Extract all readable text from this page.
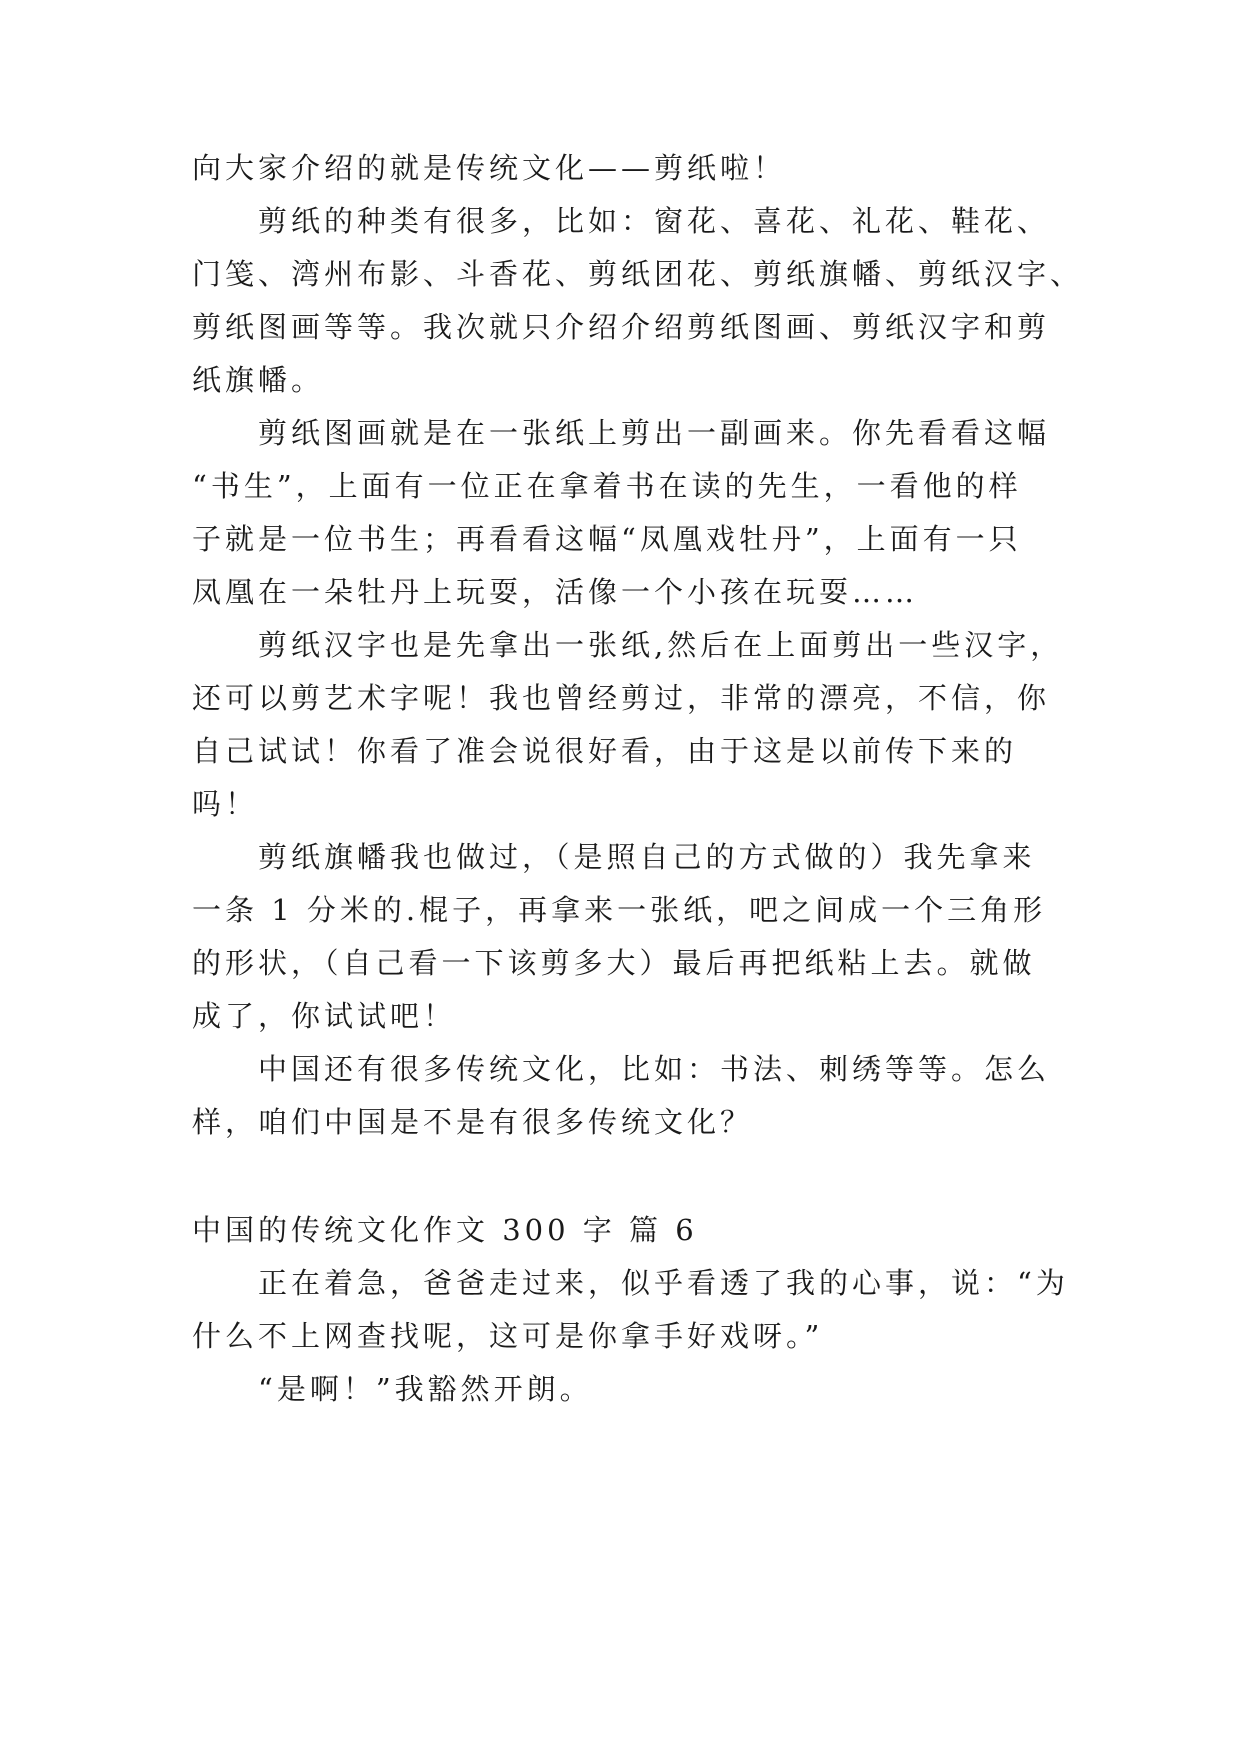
向大家介绍的就是传统文化——剪纸啦！
剪纸的种类有很多，比如：窗花、喜花、礼花、鞋花、
门笺、湾州布影、斗香花、剪纸团花、剪纸旗幡、剪纸汉字、
剪纸图画等等。我次就只介绍介绍剪纸图画、剪纸汉字和剪
纸旗幡。
剪纸图画就是在一张纸上剪出一副画来。你先看看这幅
“书生”，上面有一位正在拿着书在读的先生，一看他的样
子就是一位书生；再看看这幅“凤凰戏牡丹”，上面有一只
凤凰在一朵牡丹上玩耍，活像一个小孩在玩耍……
剪纸汉字也是先拿出一张纸,然后在上面剪出一些汉字，
还可以剪艺术字呢！我也曾经剪过，非常的漂亮，不信，你
自己试试！你看了准会说很好看，由于这是以前传下来的
吗！
剪纸旗幡我也做过，（是照自己的方式做的）我先拿来
一条 1 分米的.棍子，再拿来一张纸，吧之间成一个三角形
的形状，（自己看一下该剪多大）最后再把纸粘上去。就做
成了，你试试吧！
中国还有很多传统文化，比如：书法、刺绣等等。怎么
样，咱们中国是不是有很多传统文化？
中国的传统文化作文 300 字 篇 6
正在着急，爸爸走过来，似乎看透了我的心事，说：“为
什么不上网查找呢，这可是你拿手好戏呀。”
“是啊！”我豁然开朗。
